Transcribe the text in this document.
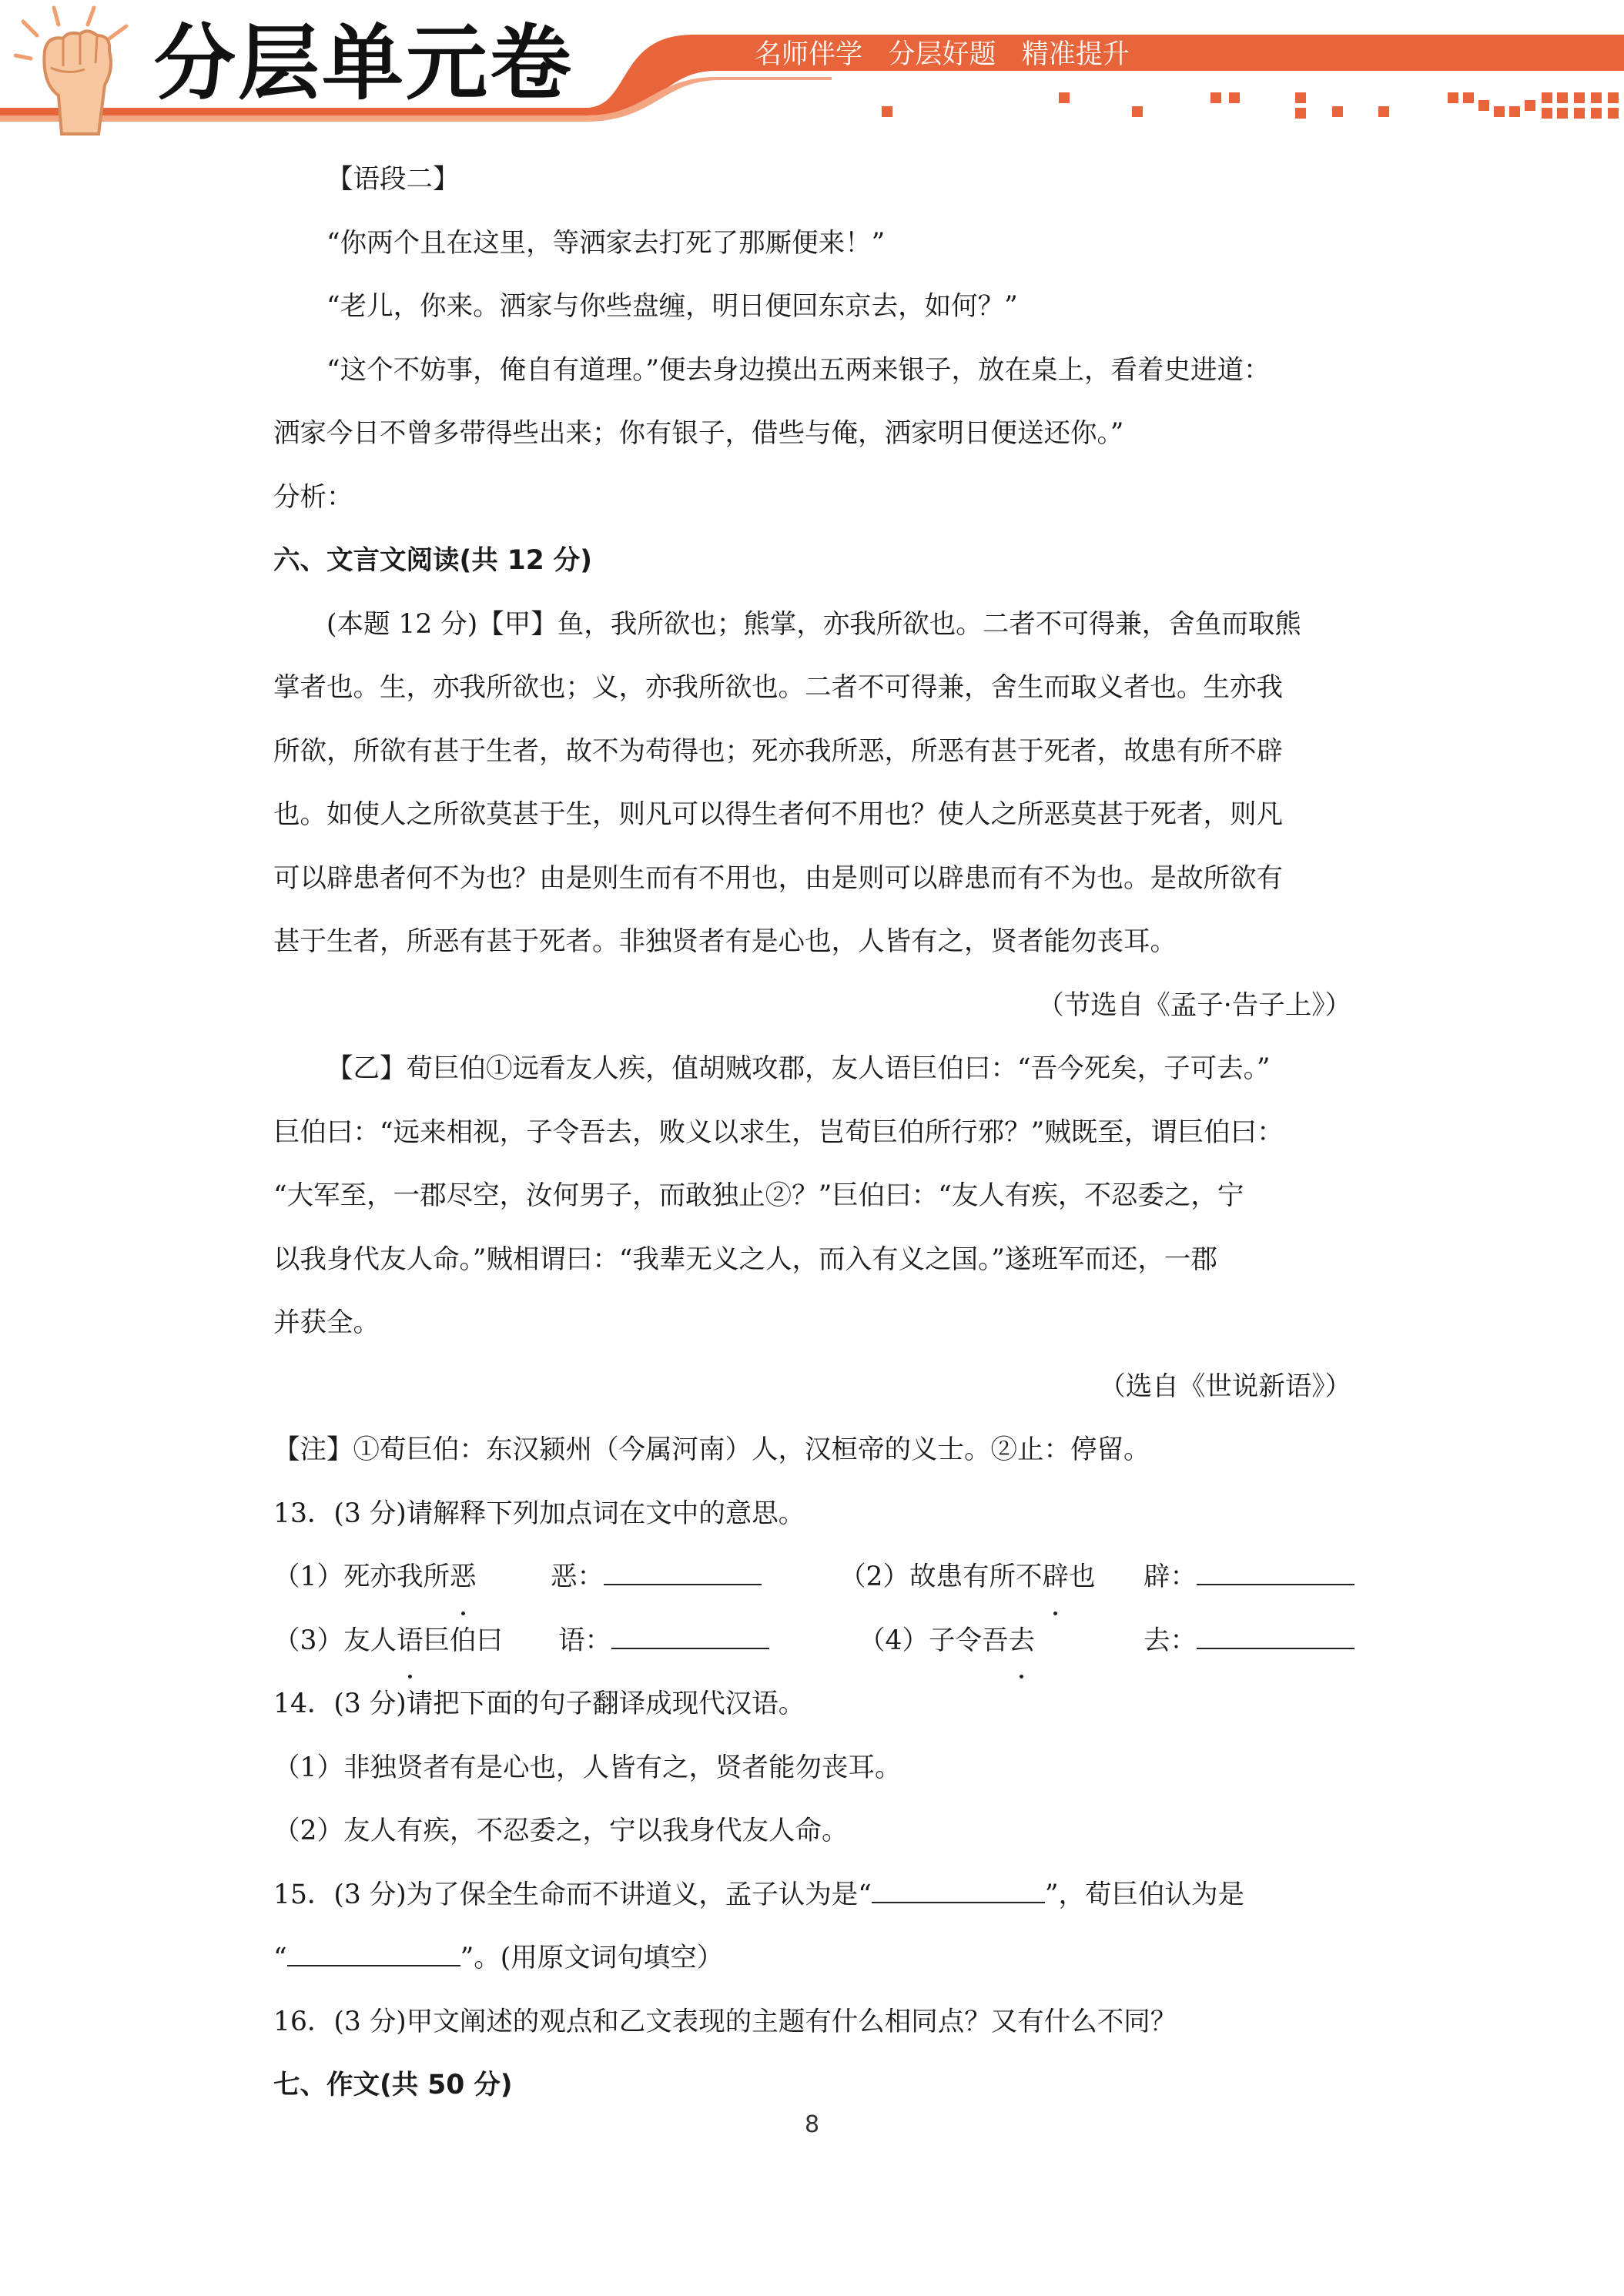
分层单元卷	名师伴学   分层好题   精准提升
【语段二】
“你两个且在这里，等洒家去打死了那厮便来！”
“老儿，你来。洒家与你些盘缠，明日便回东京去，如何？”
“这个不妨事，俺自有道理。”便去身边摸出五两来银子，放在桌上，看着史进道：
洒家今日不曾多带得些出来；你有银子，借些与俺，洒家明日便送还你。”
分析：
六、文言文阅读(共 12 分)
(本题 12 分)【甲】鱼，我所欲也；熊掌，亦我所欲也。二者不可得兼，舍鱼而取熊
掌者也。生，亦我所欲也；义，亦我所欲也。二者不可得兼，舍生而取义者也。生亦我
所欲，所欲有甚于生者，故不为苟得也；死亦我所恶，所恶有甚于死者，故患有所不辟
也。如使人之所欲莫甚于生，则凡可以得生者何不用也？使人之所恶莫甚于死者，则凡
可以辟患者何不为也？由是则生而有不用也，由是则可以辟患而有不为也。是故所欲有
甚于生者，所恶有甚于死者。非独贤者有是心也，人皆有之，贤者能勿丧耳。
（节选自《孟子·告子上》）
【乙】荀巨伯①远看友人疾，值胡贼攻郡，友人语巨伯曰：“吾今死矣，子可去。”
巨伯曰：“远来相视，子令吾去，败义以求生，岂荀巨伯所行邪？”贼既至，谓巨伯曰：
“大军至，一郡尽空，汝何男子，而敢独止②？”巨伯曰：“友人有疾，不忍委之，宁
以我身代友人命。”贼相谓曰：“我辈无义之人，而入有义之国。”遂班军而还，一郡
并获全。
（选自《世说新语》）
【注】①荀巨伯：东汉颍州（今属河南）人，汉桓帝的义士。②止：停留。
13．(3 分)请解释下列加点词在文中的意思。
（1）死亦我所恶	恶：	（2）故患有所不辟也 辟：
（3）友人语巨伯曰 语：	（4）子令吾去	去：
14．(3 分)请把下面的句子翻译成现代汉语。
（1）非独贤者有是心也，人皆有之，贤者能勿丧耳。
（2）友人有疾，不忍委之，宁以我身代友人命。
15．(3 分)为了保全生命而不讲道义，孟子认为是“	”，荀巨伯认为是
“	”。(用原文词句填空）
16．(3 分)甲文阐述的观点和乙文表现的主题有什么相同点？又有什么不同？
七、作文(共 50 分)
8
